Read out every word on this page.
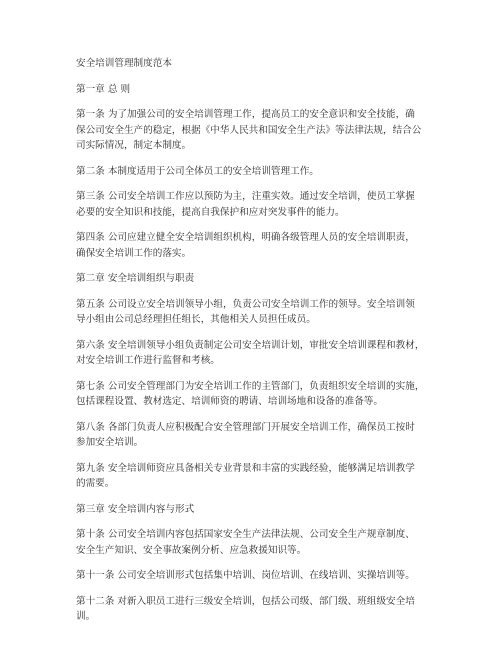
安全培训管理制度范本
第一章 总 则
第一条 为了加强公司的安全培训管理工作，提高员工的安全意识和安全技能，确
保公司安全生产的稳定，根据《中华人民共和国安全生产法》等法律法规，结合公
司实际情况，制定本制度。
第二条 本制度适用于公司全体员工的安全培训管理工作。
第三条 公司安全培训工作应以预防为主，注重实效。通过安全培训，使员工掌握
必要的安全知识和技能，提高自我保护和应对突发事件的能力。
第四条 公司应建立健全安全培训组织机构，明确各级管理人员的安全培训职责，
确保安全培训工作的落实。
第二章 安全培训组织与职责
第五条 公司设立安全培训领导小组，负责公司安全培训工作的领导。安全培训领
导小组由公司总经理担任组长，其他相关人员担任成员。
第六条 安全培训领导小组负责制定公司安全培训计划，审批安全培训课程和教材，
对安全培训工作进行监督和考核。
第七条 公司安全管理部门为安全培训工作的主管部门，负责组织安全培训的实施，
包括课程设置、教材选定、培训师资的聘请、培训场地和设备的准备等。
第八条 各部门负责人应积极配合安全管理部门开展安全培训工作，确保员工按时
参加安全培训。
第九条 安全培训师资应具备相关专业背景和丰富的实践经验，能够满足培训教学
的需要。
第三章 安全培训内容与形式
第十条 公司安全培训内容包括国家安全生产法律法规、公司安全生产规章制度、
安全生产知识、安全事故案例分析、应急救援知识等。
第十一条 公司安全培训形式包括集中培训、岗位培训、在线培训、实操培训等。
第十二条 对新入职员工进行三级安全培训，包括公司级、部门级、班组级安全培
训。
